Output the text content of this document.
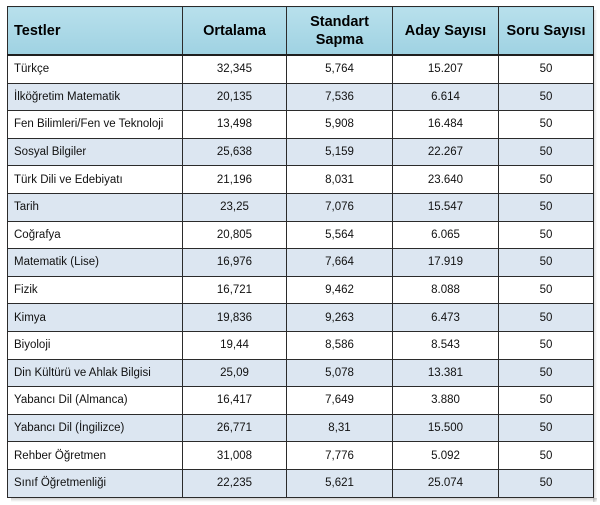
Testler	Ortalama	Standart Sapma	Aday Sayısı	Soru Sayısı
Türkçe	32,345	5,764	15.207	50
İlköğretim Matematik	20,135	7,536	6.614	50
Fen Bilimleri/Fen ve Teknoloji	13,498	5,908	16.484	50
Sosyal Bilgiler	25,638	5,159	22.267	50
Türk Dili ve Edebiyatı	21,196	8,031	23.640	50
Tarih	23,25	7,076	15.547	50
Coğrafya	20,805	5,564	6.065	50
Matematik (Lise)	16,976	7,664	17.919	50
Fizik	16,721	9,462	8.088	50
Kimya	19,836	9,263	6.473	50
Biyoloji	19,44	8,586	8.543	50
Din Kültürü ve Ahlak Bilgisi	25,09	5,078	13.381	50
Yabancı Dil (Almanca)	16,417	7,649	3.880	50
Yabancı Dil (İngilizce)	26,771	8,31	15.500	50
Rehber Öğretmen	31,008	7,776	5.092	50
Sınıf Öğretmenliği	22,235	5,621	25.074	50
